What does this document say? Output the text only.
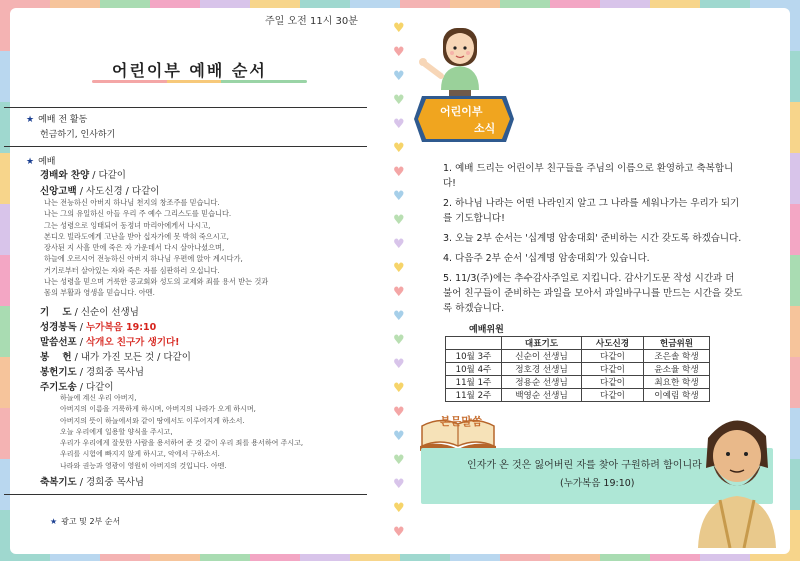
주일 오전 11시 30분
어린이부 예배 순서
★ 예배 전 활동
헌금하기, 인사하기
★ 예배
경배와 찬양 / 다같이
신앙고백 / 사도신경 / 다같이
나는 전능하신 아버지 하나님 천지의 창조주를 믿습니다.
나는 그의 유일하신 아들 우리 주 예수 그리스도를 믿습니다.
그는 성령으로 잉태되어 동정녀 마리아에게서 나시고,
본디오 빌라도에게 고난을 받아 십자가에 못 박혀 죽으시고,
장사된 지 사흘 만에 죽은 자 가운데서 다시 살아나셨으며,
하늘에 오르시어 전능하신 아버지 하나님 우편에 앉아 계시다가,
거기로부터 살아있는 자와 죽은 자를 심판하러 오십니다.
나는 성령을 믿으며 거룩한 공교회와 성도의 교제와 죄를 용서 받는 것과
몸의 부활과 영생을 믿습니다. 아멘.
기    도 / 신순이 선생님
성경봉독 / 누가복음 19:10
말씀선포 / 삭개오 친구가 생기다!
봉    헌 / 내가 가진 모든 것 / 다같이
봉헌기도 / 경희중 목사님
주기도송 / 다같이
하늘에 계신 우리 아버지,
아버지의 이름을 거룩하게 하시며, 아버지의 나라가 오게 하시며,
아버지의 뜻이 하늘에서와 같이 땅에서도 이루어지게 하소서.
오늘 우리에게 일용할 양식을 주시고,
우리가 우리에게 잘못한 사람을 용서하여 준 것 같이 우리 죄를 용서하여 주시고,
우리를 시험에 빠지지 않게 하시고, 악에서 구하소서.
나라와 권능과 영광이 영원히 아버지의 것입니다. 아멘.
축복기도 / 경희중 목사님
★ 광고 및 2부 순서
♥
♥
♥
♥
♥
♥
♥
♥
♥
♥
♥
♥
♥
♥
♥
♥
♥
♥
♥
♥
♥
♥
어린이부
소식
1. 예배 드리는 어린이부 친구들을 주님의 이름으로 환영하고 축복합니다!
2. 하나님 나라는 어떤 나라인지 알고 그 나라를 세워나가는 우리가 되기를 기도합니다!
3. 오늘 2부 순서는 '십계명 암송대회' 준비하는 시간 갖도록 하겠습니다.
4. 다음주 2부 순서 '십계명 암송대회'가 있습니다.
5. 11/3(주)에는 추수감사주일로 지킵니다. 감사기도문 작성 시간과 더불어 친구들이 준비하는 과일을 모아서 과일바구니를 만드는 시간을 갖도록 하겠습니다.
예배위원
	대표기도	사도신경	헌금위원
10월 3주	신순이 선생님	다같이	조은솔 학생
10월 4주	정호경 선생님	다같이	윤소율 학생
11월 1주	정용순 선생님	다같이	최요한 학생
11월 2주	백영순 선생님	다같이	이예림 학생
본문말씀
인자가 온 것은 잃어버린 자를 찾아 구원하려 함이니라
(누가복음 19:10)
